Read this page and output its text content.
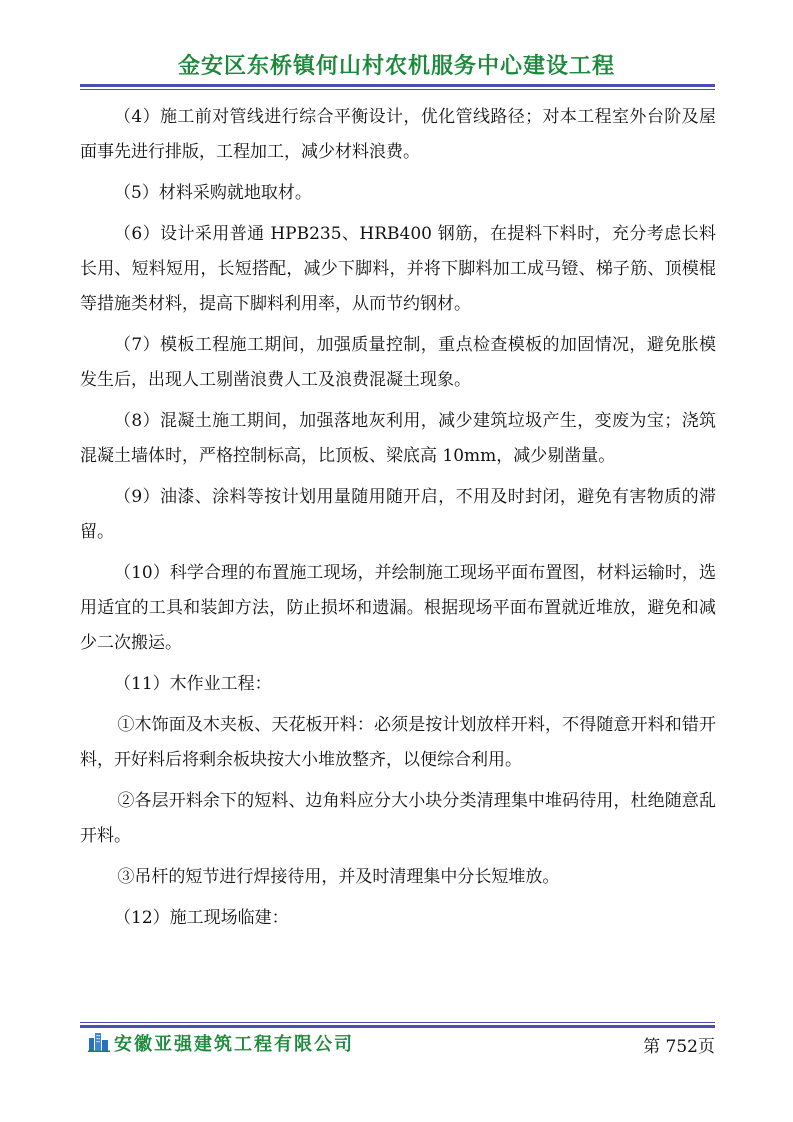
金安区东桥镇何山村农机服务中心建设工程

（4）施工前对管线进行综合平衡设计，优化管线路径；对本工程室外台阶及屋面事先进行排版，工程加工，减少材料浪费。

（5）材料采购就地取材。

（6）设计采用普通 HPB235、HRB400 钢筋，在提料下料时，充分考虑长料长用、短料短用，长短搭配，减少下脚料，并将下脚料加工成马镫、梯子筋、顶模棍等措施类材料，提高下脚料利用率，从而节约钢材。

（7）模板工程施工期间，加强质量控制，重点检查模板的加固情况，避免胀模发生后，出现人工剔凿浪费人工及浪费混凝土现象。

（8）混凝土施工期间，加强落地灰利用，减少建筑垃圾产生，变废为宝；浇筑混凝土墙体时，严格控制标高，比顶板、梁底高 10mm，减少剔凿量。

（9）油漆、涂料等按计划用量随用随开启，不用及时封闭，避免有害物质的滞留。

（10）科学合理的布置施工现场，并绘制施工现场平面布置图，材料运输时，选用适宜的工具和装卸方法，防止损坏和遗漏。根据现场平面布置就近堆放，避免和减少二次搬运。

（11）木作业工程：

①木饰面及木夹板、天花板开料：必须是按计划放样开料，不得随意开料和错开料，开好料后将剩余板块按大小堆放整齐，以便综合利用。

②各层开料余下的短料、边角料应分大小块分类清理集中堆码待用，杜绝随意乱开料。

③吊杆的短节进行焊接待用，并及时清理集中分长短堆放。

（12）施工现场临建：

安徽亚强建筑工程有限公司	第 752页
